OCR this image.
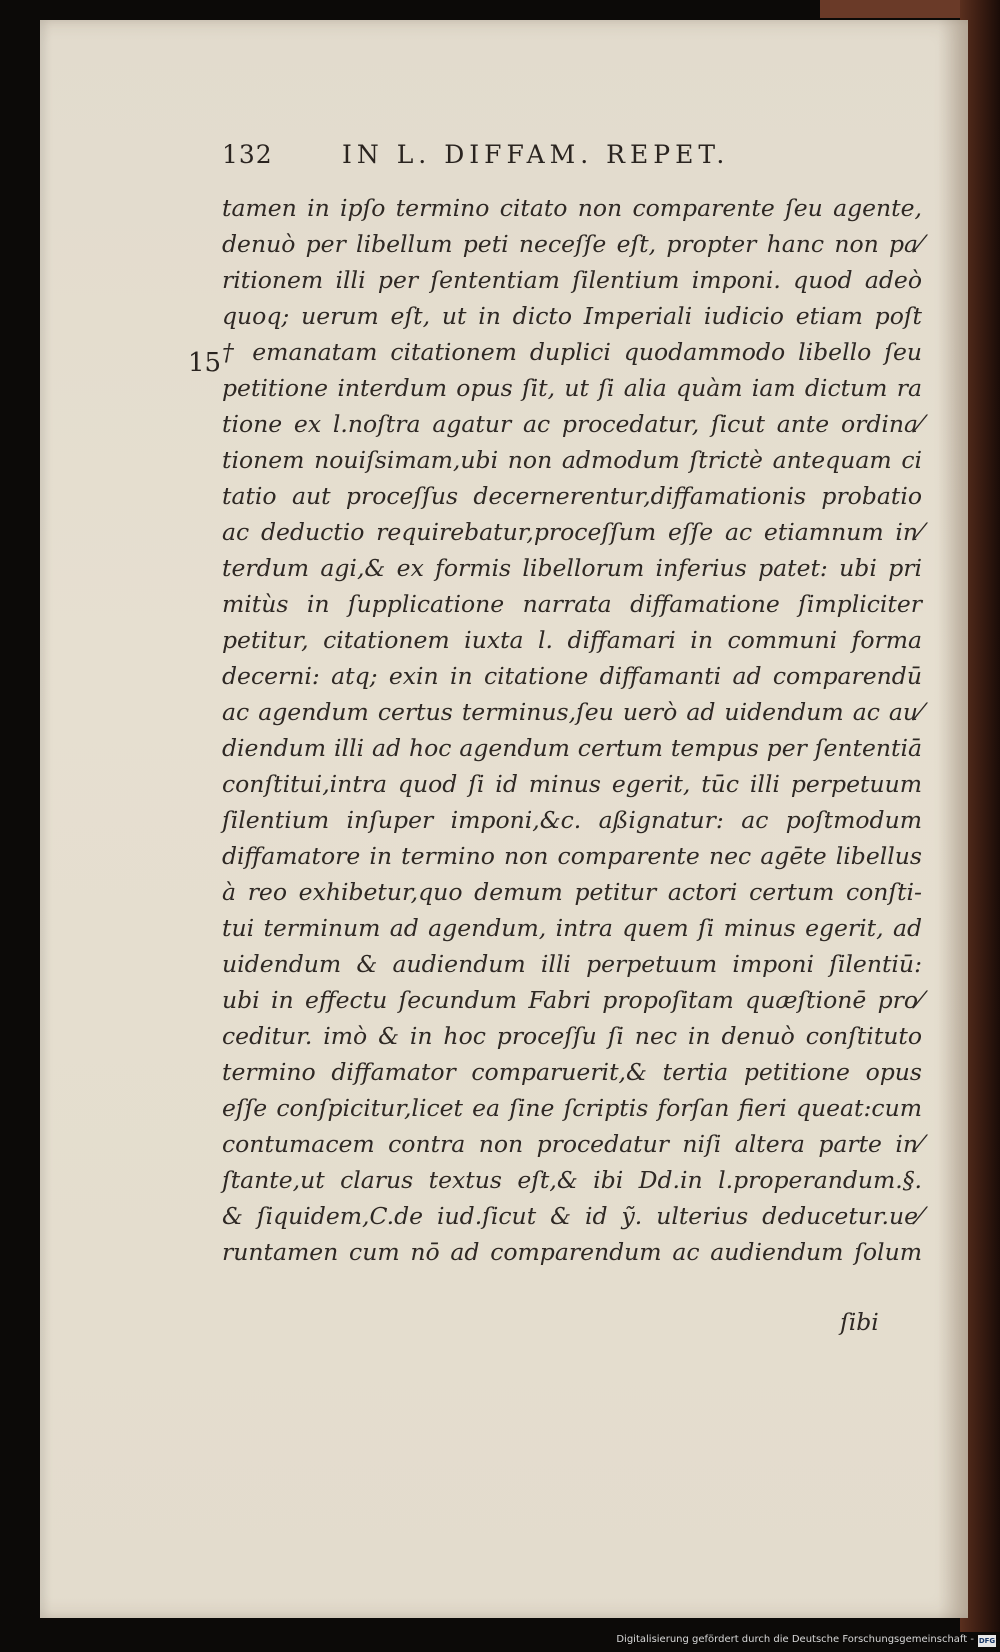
132	IN L. DIFFAM. REPET.
15
tamen in ipſo termino citato non comparente ſeu agente,
denuò per libellum peti neceſſe eſt, propter hanc non pa⁄
ritionem illi per ſententiam ſilentium imponi. quod adeò
quoq; uerum eſt, ut in dicto Imperiali iudicio etiam poſt
† emanatam citationem duplici quodammodo libello ſeu
petitione interdum opus ſit, ut ſi alia quàm iam dictum ra
tione ex l.noſtra agatur ac procedatur, ſicut ante ordina⁄
tionem nouiſsimam,ubi non admodum ſtrictè antequam ci
tatio aut proceſſus decernerentur,diffamationis probatio
ac deductio requirebatur,proceſſum eſſe ac etiamnum in⁄
terdum agi,& ex formis libellorum inferius patet: ubi pri
mitùs in ſupplicatione narrata diffamatione ſimpliciter
petitur, citationem iuxta l. diffamari in communi forma
decerni: atq; exin in citatione diffamanti ad comparendū
ac agendum certus terminus,ſeu uerò ad uidendum ac au⁄
diendum illi ad hoc agendum certum tempus per ſententiā
conſtitui,intra quod ſi id minus egerit, tūc illi perpetuum
ſilentium inſuper imponi,&c. aßignatur: ac poſtmodum
diffamatore in termino non comparente nec agēte libellus
à reo exhibetur,quo demum petitur actori certum conſti-
tui terminum ad agendum, intra quem ſi minus egerit, ad
uidendum & audiendum illi perpetuum imponi ſilentiū:
ubi in effectu ſecundum Fabri propoſitam quæſtionē pro⁄
ceditur. imò & in hoc proceſſu ſi nec in denuò conſtituto
termino diffamator comparuerit,& tertia petitione opus
eſſe conſpicitur,licet ea ſine ſcriptis forſan fieri queat:cum
contumacem contra non procedatur niſi altera parte in⁄
ſtante,ut clarus textus eſt,& ibi Dd.in l.properandum.§.
& ſiquidem,C.de iud.ſicut & id ỹ. ulterius deducetur.ue⁄
runtamen cum nō ad comparendum ac audiendum ſolum
ſibi
Digitalisierung gefördert durch die Deutsche Forschungsgemeinschaft - DFG
